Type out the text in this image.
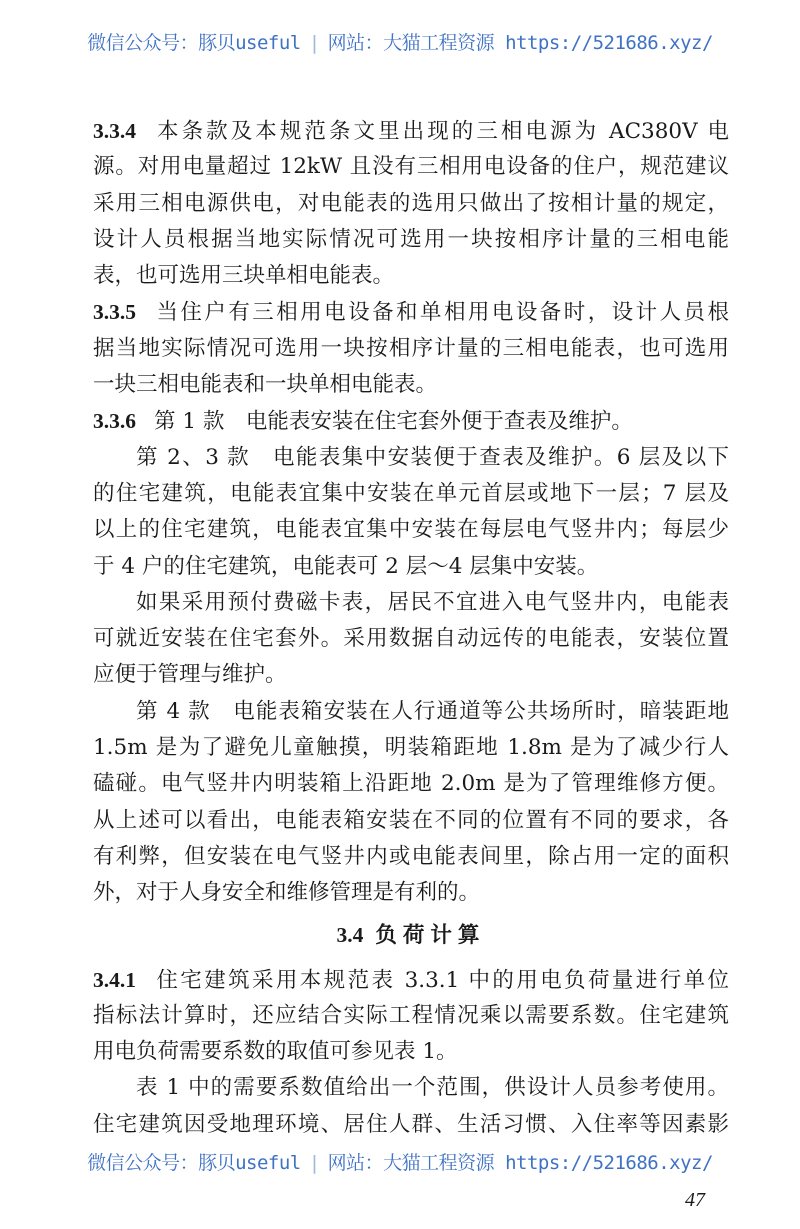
微信公众号：豚贝useful | 网站：大猫工程资源 https://521686.xyz/
3.3.4 本条款及本规范条文里出现的三相电源为 AC380V 电
源。对用电量超过 12kW 且没有三相用电设备的住户，规范建议
采用三相电源供电，对电能表的选用只做出了按相计量的规定，
设计人员根据当地实际情况可选用一块按相序计量的三相电能
表，也可选用三块单相电能表。
3.3.5 当住户有三相用电设备和单相用电设备时，设计人员根
据当地实际情况可选用一块按相序计量的三相电能表，也可选用
一块三相电能表和一块单相电能表。
3.3.6 第 1 款　电能表安装在住宅套外便于查表及维护。
第 2、3 款　电能表集中安装便于查表及维护。6 层及以下
的住宅建筑，电能表宜集中安装在单元首层或地下一层；7 层及
以上的住宅建筑，电能表宜集中安装在每层电气竖井内；每层少
于 4 户的住宅建筑，电能表可 2 层～4 层集中安装。
如果采用预付费磁卡表，居民不宜进入电气竖井内，电能表
可就近安装在住宅套外。采用数据自动远传的电能表，安装位置
应便于管理与维护。
第 4 款　电能表箱安装在人行通道等公共场所时，暗装距地
1.5m 是为了避免儿童触摸，明装箱距地 1.8m 是为了减少行人
磕碰。电气竖井内明装箱上沿距地 2.0m 是为了管理维修方便。
从上述可以看出，电能表箱安装在不同的位置有不同的要求，各
有利弊，但安装在电气竖井内或电能表间里，除占用一定的面积
外，对于人身安全和维修管理是有利的。
3.4 负荷计算
3.4.1 住宅建筑采用本规范表 3.3.1 中的用电负荷量进行单位
指标法计算时，还应结合实际工程情况乘以需要系数。住宅建筑
用电负荷需要系数的取值可参见表 1。
表 1 中的需要系数值给出一个范围，供设计人员参考使用。
住宅建筑因受地理环境、居住人群、生活习惯、入住率等因素影
微信公众号：豚贝useful | 网站：大猫工程资源 https://521686.xyz/
47
